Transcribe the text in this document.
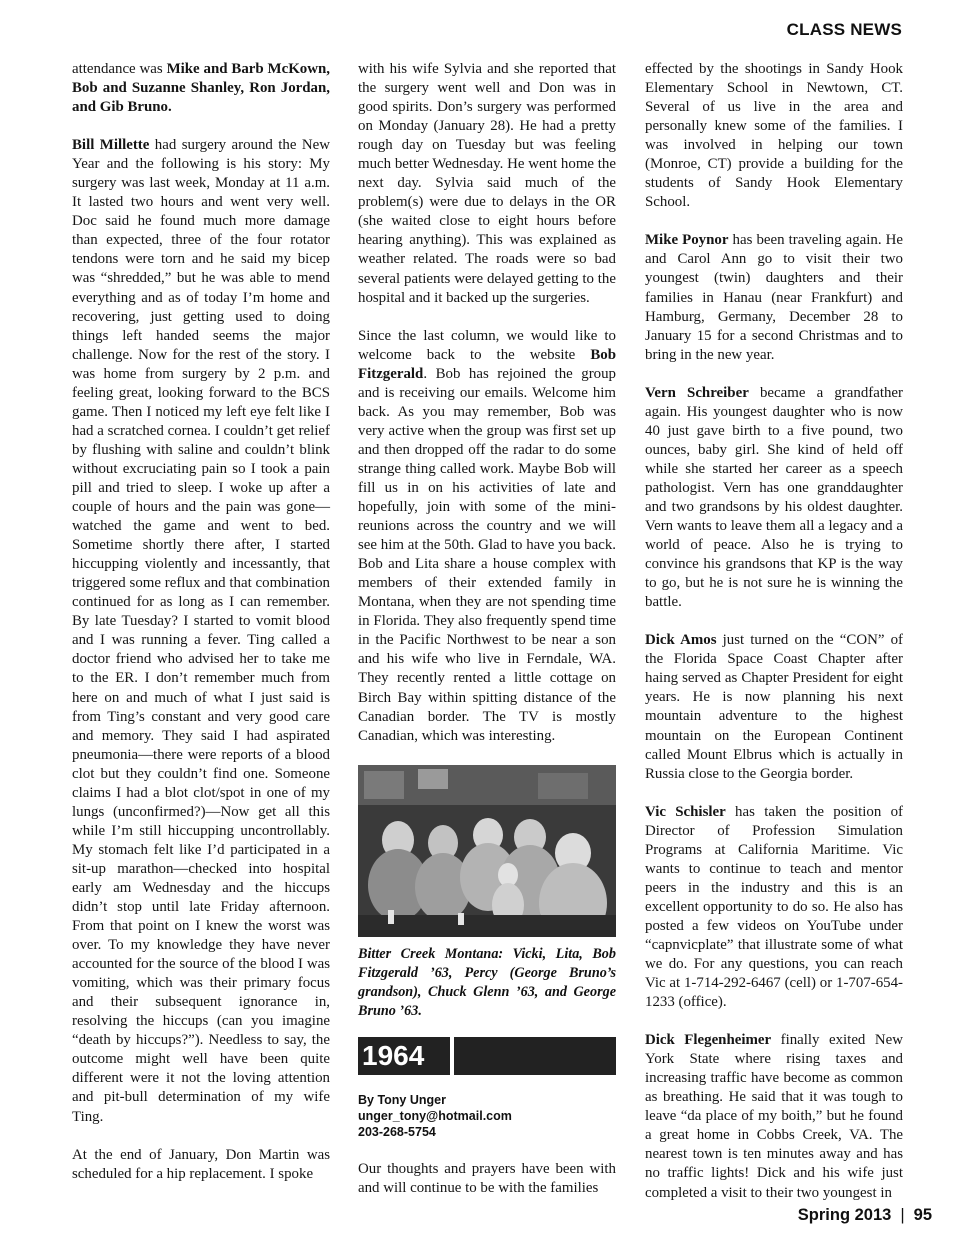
CLASS NEWS

attendance was Mike and Barb McKown, Bob and Suzanne Shanley, Ron Jordan, and Gib Bruno.

Bill Millette had surgery around the New Year and the following is his story: My surgery was last week, Monday at 11 a.m. It lasted two hours and went very well. Doc said he found much more damage than expected, three of the four rotator tendons were torn and he said my bicep was “shredded,” but he was able to mend everything and as of today I’m home and recovering, just getting used to doing things left handed seems the major challenge. Now for the rest of the story. I was home from surgery by 2 p.m. and feeling great, looking forward to the BCS game. Then I noticed my left eye felt like I had a scratched cornea. I couldn’t get relief by flushing with saline and couldn’t blink without excruciating pain so I took a pain pill and tried to sleep. I woke up after a couple of hours and the pain was gone—watched the game and went to bed. Sometime shortly there after, I started hiccupping violently and incessantly, that triggered some reflux and that combination continued for as long as I can remember. By late Tuesday? I started to vomit blood and I was running a fever. Ting called a doctor friend who advised her to take me to the ER. I don’t remember much from here on and much of what I just said is from Ting’s constant and very good care and memory. They said I had aspirated pneumonia—there were reports of a blood clot but they couldn’t find one. Someone claims I had a blot clot/spot in one of my lungs (unconfirmed?)—Now get all this while I’m still hiccupping uncontrollably. My stomach felt like I’d participated in a sit-up marathon—checked into hospital early am Wednesday and the hiccups didn’t stop until late Friday afternoon. From that point on I knew the worst was over. To my knowledge they have never accounted for the source of the blood I was vomiting, which was their primary focus and their subsequent ignorance in, resolving the hiccups (can you imagine “death by hiccups?”). Needless to say, the outcome might well have been quite different were it not the loving attention and pit-bull determination of my wife Ting.

At the end of January, Don Martin was scheduled for a hip replacement. I spoke

with his wife Sylvia and she reported that the surgery went well and Don was in good spirits. Don’s surgery was performed on Monday (January 28). He had a pretty rough day on Tuesday but was feeling much better Wednesday. He went home the next day. Sylvia said much of the problem(s) were due to delays in the OR (she waited close to eight hours before hearing anything). This was explained as weather related. The roads were so bad several patients were delayed getting to the hospital and it backed up the surgeries.

Since the last column, we would like to welcome back to the website Bob Fitzgerald. Bob has rejoined the group and is receiving our emails. Welcome him back. As you may remember, Bob was very active when the group was first set up and then dropped off the radar to do some strange thing called work. Maybe Bob will fill us in on his activities of late and hopefully, join with some of the mini-reunions across the country and we will see him at the 50th. Glad to have you back. Bob and Lita share a house complex with members of their extended family in Montana, when they are not spending time in Florida. They also frequently spend time in the Pacific Northwest to be near a son and his wife who live in Ferndale, WA. They recently rented a little cottage on Birch Bay within spitting distance of the Canadian border. The TV is mostly Canadian, which was interesting.

Bitter Creek Montana: Vicki, Lita, Bob Fitzgerald ’63, Percy (George Bruno’s grandson), Chuck Glenn ’63, and George Bruno ’63.
1964
By Tony Unger
unger_tony@hotmail.com
203-268-5754

Our thoughts and prayers have been with and will continue to be with the families

effected by the shootings in Sandy Hook Elementary School in Newtown, CT. Several of us live in the area and personally knew some of the families. I was involved in helping our town (Monroe, CT) provide a building for the students of Sandy Hook Elementary School.

Mike Poynor has been traveling again. He and Carol Ann go to visit their two youngest (twin) daughters and their families in Hanau (near Frankfurt) and Hamburg, Germany, December 28 to January 15 for a second Christmas and to bring in the new year.

Vern Schreiber became a grandfather again. His youngest daughter who is now 40 just gave birth to a five pound, two ounces, baby girl. She kind of held off while she started her career as a speech pathologist. Vern has one granddaughter and two grandsons by his oldest daughter. Vern wants to leave them all a legacy and a world of peace. Also he is trying to convince his grandsons that KP is the way to go, but he is not sure he is winning the battle.

Dick Amos just turned on the “CON” of the Florida Space Coast Chapter after haing served as Chapter President for eight years. He is now planning his next mountain adventure to the highest mountain on the European Continent called Mount Elbrus which is actually in Russia close to the Georgia border.

Vic Schisler has taken the position of Director of Profession Simulation Programs at California Maritime. Vic wants to continue to teach and mentor peers in the industry and this is an excellent opportunity to do so. He also has posted a few videos on YouTube under “capnvicplate” that illustrate some of what we do. For any questions, you can reach Vic at 1-714-292-6467 (cell) or 1-707-654-1233 (office).

Dick Flegenheimer finally exited New York State where rising taxes and increasing traffic have become as common as breathing. He said that it was tough to leave “da place of my boith,” but he found a great home in Cobbs Creek, VA. The nearest town is ten minutes away and has no traffic lights! Dick and his wife just completed a visit to their two youngest in

Spring 2013 | 95
